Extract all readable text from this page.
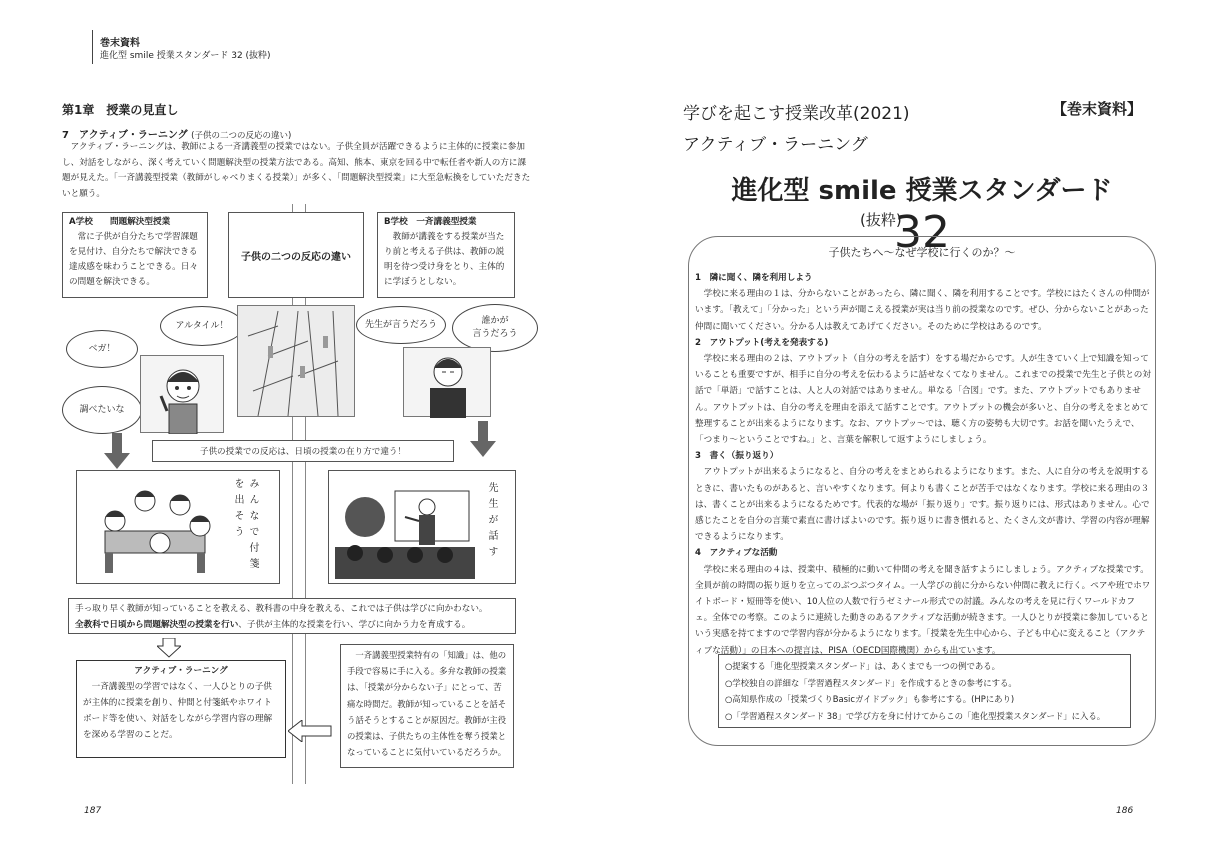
巻末資料
進化型 smile 授業スタンダード 32 (抜粋)
第1章　授業の見直し
7　アクティブ・ラーニング (子供の二つの反応の違い)
　アクティブ・ラーニングは、教師による一斉講義型の授業ではない。子供全員が活躍できるように主体的に授業に参加し、対話をしながら、深く考えていく問題解決型の授業方法である。高知、熊本、東京を回る中で転任者や新人の方に課題が見えた。「一斉講義型授業（教師がしゃべりまくる授業）」が多く、「問題解決型授業」に大至急転換をしていただきたいと願う。
A学校　　問題解決型授業
　常に子供が自分たちで学習課題を見付け、自分たちで解決できる達成感を味わうことできる。日々の問題を解決できる。
子供の二つの反応の違い
B学校　一斉講義型授業
　教師が講義をする授業が当たり前と考える子供は、教師の説明を待つ受け身をとり、主体的に学ぼうとしない。
アルタイル！
ベガ！
調べたいな
先生が言うだろう	誰かが
言うだろう
子供の授業での反応は、日頃の授業の在り方で違う！
みんなで付箋を出そう	先生が話す
手っ取り早く教師が知っていることを教える、教科書の中身を教える、これでは子供は学びに向かわない。
全教科で日頃から問題解決型の授業を行い、子供が主体的な授業を行い、学びに向かう力を育成する。
アクティブ・ラーニング
　一斉講義型の学習ではなく、一人ひとりの子供が主体的に授業を創り、仲間と付箋紙やホワイトボード等を使い、対話をしながら学習内容の理解を深める学習のことだ。
　一斉講義型授業特有の「知識」は、他の手段で容易に手に入る。多弁な教師の授業は、「授業が分からない子」にとって、苦痛な時間だ。教師が知っていることを話そう話そうとすることが原因だ。教師が主役の授業は、子供たちの主体性を奪う授業となっていることに気付いているだろうか。
187
学びを起こす授業改革(2021)
アクティブ・ラーニング
【巻末資料】
進化型 smile 授業スタンダード 32
(抜粋)
子供たちへ～なぜ学校に行くのか？～
1　隣に聞く、隣を利用しよう
　学校に来る理由の１は、分からないことがあったら、隣に聞く、隣を利用することです。学校にはたくさんの仲間がいます。「教えて」「分かった」という声が聞こえる授業が実は当り前の授業なのです。ぜひ、分からないことがあった仲間に聞いてください。分かる人は教えてあげてください。そのために学校はあるのです。
2　アウトプット(考えを発表する)
　学校に来る理由の２は、アウトプット（自分の考えを話す）をする場だからです。人が生きていく上で知識を知っていることも重要ですが、相手に自分の考えを伝わるように話せなくてなりません。これまでの授業で先生と子供との対話で「単語」で話すことは、人と人の対話ではありません。単なる「合図」です。また、アウトプットでもありません。アウトプットは、自分の考えを理由を添えて話すことです。アウトプットの機会が多いと、自分の考えをまとめて整理することが出来るようになります。なお、アウトプッ～では、聴く方の姿勢も大切です。お話を聞いたうえで、「つまり～ということですね。」と、言葉を解釈して返すようにしましょう。
3　書く（振り返り）
　アウトプットが出来るようになると、自分の考えをまとめられるようになります。また、人に自分の考えを説明するときに、書いたものがあると、言いやすくなります。何よりも書くことが苦手ではなくなります。学校に来る理由の３は、書くことが出来るようになるためです。代表的な場が「振り返り」です。振り返りには、形式はありません。心で感じたことを自分の言葉で素直に書けばよいのです。振り返りに書き慣れると、たくさん文が書け、学習の内容が理解できるようになります。
4　アクティブな活動
　学校に来る理由の４は、授業中、積極的に動いて仲間の考えを聞き話すようにしましょう。アクティブな授業です。全員が前の時間の振り返りを立ってのぶつぶつタイム。一人学びの前に分からない仲間に教えに行く。ペアや班でホワイトボード・短冊等を使い、10人位の人数で行うゼミナール形式での討議。みんなの考えを見に行くワールドカフェ。全体での考察。このように連続した動きのあるアクティブな活動が続きます。一人ひとりが授業に参加しているという実感を持てますので学習内容が分かるようになります。「授業を先生中心から、子ども中心に変えること（アクティブな活動）」の日本への提言は、PISA（OECD国際機関）からも出ています。
○提案する「進化型授業スタンダード」は、あくまでも一つの例である。
○学校独自の詳細な「学習過程スタンダード」を作成するときの参考にする。
○高知県作成の「授業づくりBasicガイドブック」も参考にする。(HPにあり)
○「学習過程スタンダード 38」で学び方を身に付けてからこの「進化型授業スタンダード」に入る。
186
